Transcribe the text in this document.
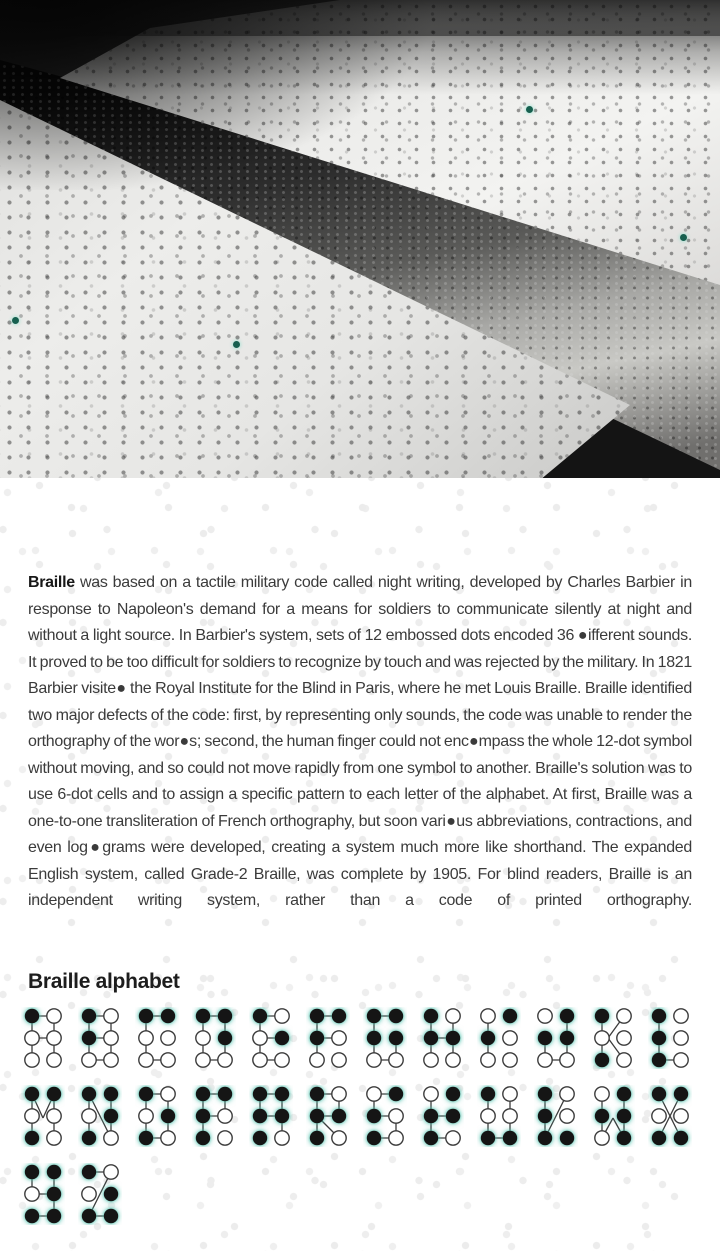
Braille was based on a tactile military code called night writing, developed by Charles Barbier in response to Napoleon's demand for a means for soldiers to communicate silently at night and without a light source. In Barbier's system, sets of 12 embossed dots encoded 36 ●ifferent sounds. It proved to be too difficult for soldiers to recognize by touch and was rejected by the military. In 1821 Barbier visite● the Royal Institute for the Blind in Paris, where he met Louis Braille. Braille identified two major defects of the code: first, by representing only sounds, the code was unable to render the orthography of the wor●s; second, the human finger could not enc●mpass the whole 12-dot symbol without moving, and so could not move rapidly from one symbol to another. Braille's solution was to use 6-dot cells and to assign a specific pattern to each letter of the alphabet. At first, Braille was a one-to-one transliteration of French orthography, but soon vari●us abbreviations, contractions, and even log●grams were developed, creating a system much more like shorthand. The expanded English system, called Grade-2 Braille, was complete by 1905. For blind readers, Braille is an independent writing system, rather than a code of printed orthography.

Braille alphabet
